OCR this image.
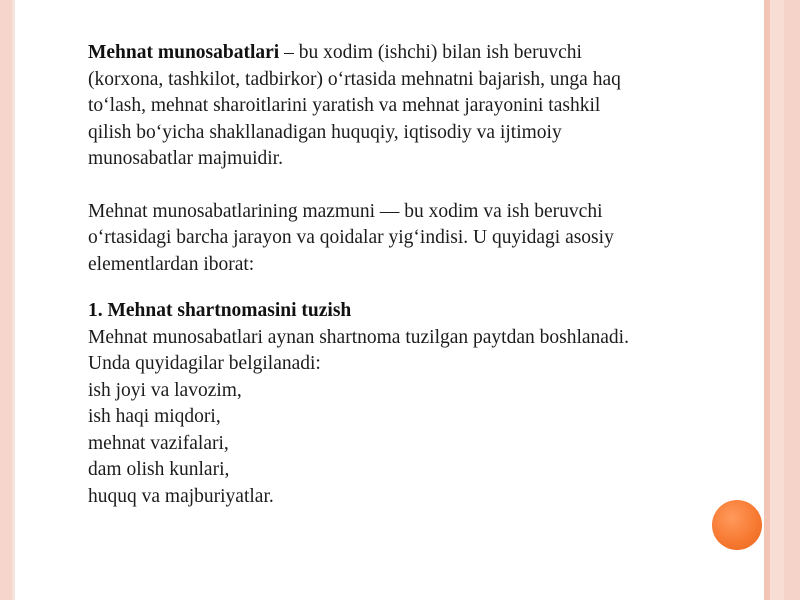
Mehnat munosabatlari – bu xodim (ishchi) bilan ish beruvchi
(korxona, tashkilot, tadbirkor) o‘rtasida mehnatni bajarish, unga haq
to‘lash, mehnat sharoitlarini yaratish va mehnat jarayonini tashkil
qilish bo‘yicha shakllanadigan huquqiy, iqtisodiy va ijtimoiy
munosabatlar majmuidir.

Mehnat munosabatlarining mazmuni — bu xodim va ish beruvchi
o‘rtasidagi barcha jarayon va qoidalar yig‘indisi. U quyidagi asosiy
elementlardan iborat:

1. Mehnat shartnomasini tuzish
Mehnat munosabatlari aynan shartnoma tuzilgan paytdan boshlanadi.
Unda quyidagilar belgilanadi:
ish joyi va lavozim,
ish haqi miqdori,
mehnat vazifalari,
dam olish kunlari,
huquq va majburiyatlar.
